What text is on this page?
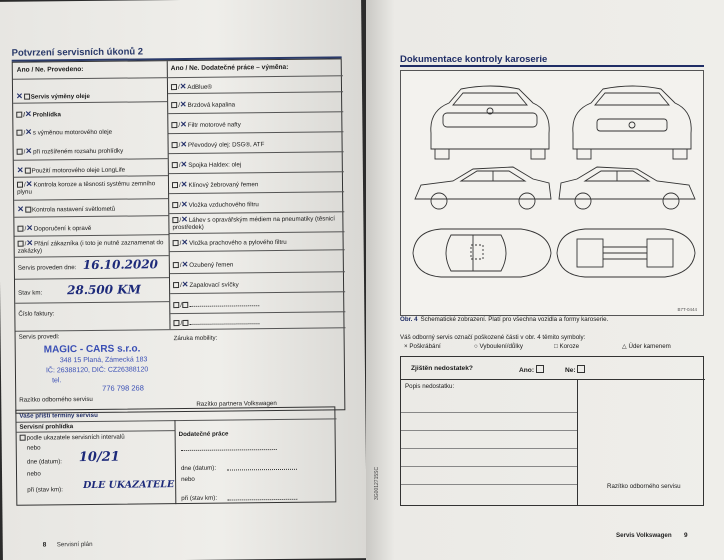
Potvrzení servisních úkonů 2
Ano / Ne. Provedeno:	Ano / Ne. Dodatečné práce – výměna:
✕ Servis výměny oleje
/✕Prohlídka
/✕s výměnou motorového oleje
/✕při rozšířeném rozsahu prohlídky
✕ Použití motorového oleje LongLife
/✕Kontrola koroze a těsnosti systému zemního plynu
✕ Kontrola nastavení světlometů
/✕Doporučení k opravě
/✕Přání zákazníka (i toto je nutné zaznamenat do zakázky)
/✕AdBlue®
/✕Brzdová kapalina
/✕Filtr motorové nafty
/✕Převodový olej: DSG®, ATF
/✕Spojka Haldex: olej
/✕Klínový žebrovaný řemen
/✕Vložka vzduchového filtru
/✕Láhev s opravářským médiem na pneumatiky (těsnicí prostředek)
/✕Vložka prachového a pylového filtru
/✕Ozubený řemen
/✕Zapalovací svíčky
/
/
Servis proveden dne: 16.10.2020
Stav km: 28.500 KM
Číslo faktury:
Servis provedl:	Záruka mobility:
MAGIC - CARS s.r.o.
348 15 Planá, Zámecká 183
IČ: 26388120, DIČ: CZ26388120
tel.
776 798 268
Razítko odborného servisu
Razítko partnera Volkswagen
Vaše příští termíny servisu
Servisní prohlídka
Dodatečné práce
podle ukazatele servisních intervalů
nebo
dne (datum): 10/21
nebo
při (stav km): DLE UKAZATELE
dne (datum):
nebo
při (stav km):
8 Servisní plán
Dokumentace kontroly karoserie
B7T-0444
Obr. 4 Schematické zobrazení. Platí pro všechna vozidla a formy karoserie.
Váš odborný servis označí poškozené části v obr. 4 těmito symboly:
× Poškrábání	○ Vyboulení/důlky	□ Koroze	△ Úder kamenem
Zjištěn nedostatek?	Ano:	Ne:
Popis nedostatku:
Razítko odborného servisu
3G0012715SC
Servis Volkswagen 9
